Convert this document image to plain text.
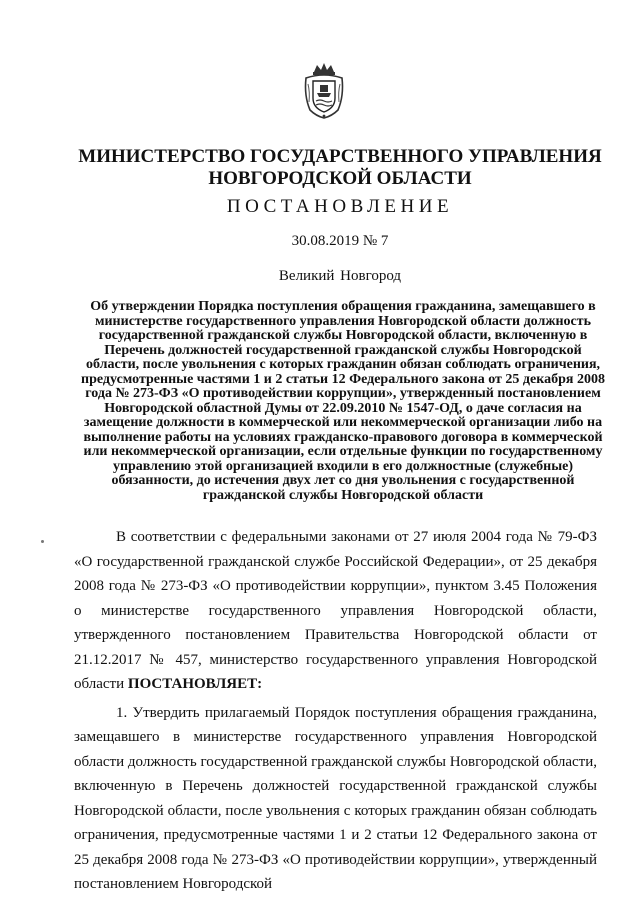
МИНИСТЕРСТВО ГОСУДАРСТВЕННОГО УПРАВЛЕНИЯ НОВГОРОДСКОЙ ОБЛАСТИ
ПОСТАНОВЛЕНИЕ
30.08.2019 № 7
Великий Новгород
Об утверждении Порядка поступления обращения гражданина, замещавшего в министерстве государственного управления Новгородской области должность государственной гражданской службы Новгородской области, включенную в Перечень должностей государственной гражданской службы Новгородской области, после увольнения с которых гражданин обязан соблюдать ограничения, предусмотренные частями 1 и 2 статьи 12 Федерального закона от 25 декабря 2008 года № 273-ФЗ «О противодействии коррупции», утвержденный постановлением Новгородской областной Думы от 22.09.2010 № 1547-ОД, о даче согласия на замещение должности в коммерческой или некоммерческой организации либо на выполнение работы на условиях гражданско-правового договора в коммерческой или некоммерческой организации, если отдельные функции по государственному управлению этой организацией входили в его должностные (служебные) обязанности, до истечения двух лет со дня увольнения с государственной гражданской службы Новгородской области

В соответствии с федеральными законами от 27 июля 2004 года № 79-ФЗ «О государственной гражданской службе Российской Федерации», от 25 декабря 2008 года № 273-ФЗ «О противодействии коррупции», пунктом 3.45 Положения о министерстве государственного управления Новгородской области, утвержденного постановлением Правительства Новгородской области от 21.12.2017 № 457, министерство государственного управления Новгородской области ПОСТАНОВЛЯЕТ:

1. Утвердить прилагаемый Порядок поступления обращения гражданина, замещавшего в министерстве государственного управления Новгородской области должность государственной гражданской службы Новгородской области, включенную в Перечень должностей государственной гражданской службы Новгородской области, после увольнения с которых гражданин обязан соблюдать ограничения, предусмотренные частями 1 и 2 статьи 12 Федерального закона от 25 декабря 2008 года № 273-ФЗ «О противодействии коррупции», утвержденный постановлением Новгородской
